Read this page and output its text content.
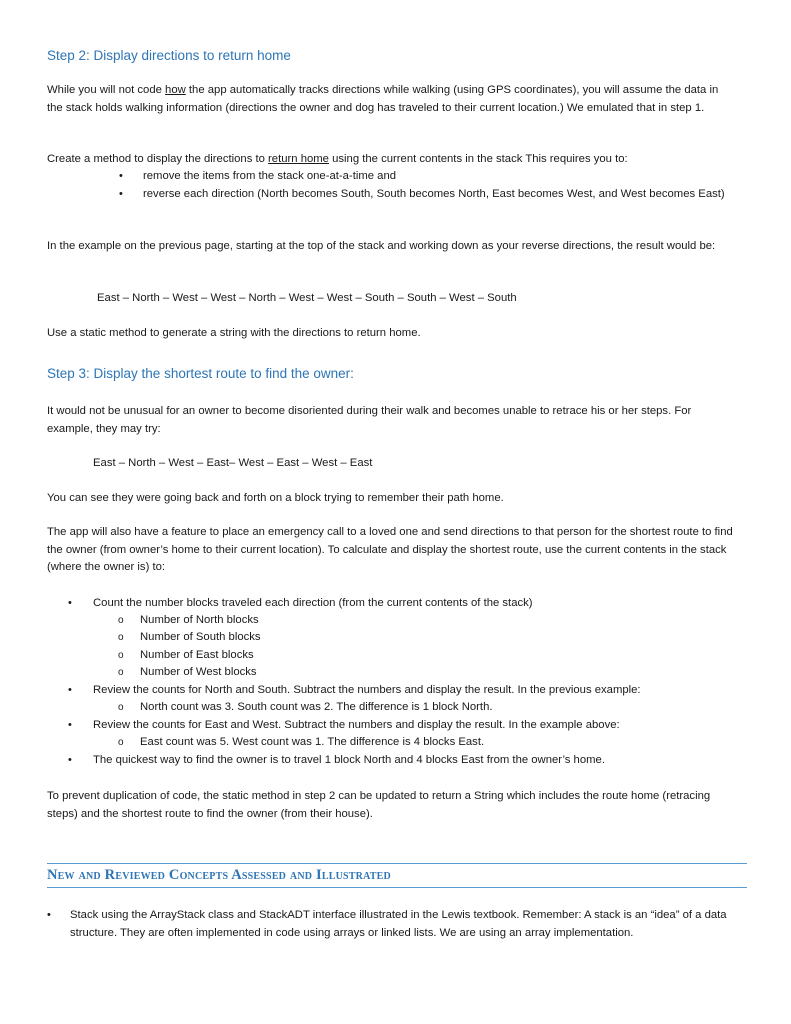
Step 2: Display directions to return home

While you will not code how the app automatically tracks directions while walking (using GPS coordinates), you will assume the data in the stack holds walking information (directions the owner and dog has traveled to their current location.) We emulated that in step 1.

Create a method to display the directions to return home using the current contents in the stack This requires you to:

• remove the items from the stack one-at-a-time and
• reverse each direction (North becomes South, South becomes North, East becomes West, and West becomes East)

In the example on the previous page, starting at the top of the stack and working down as your reverse directions, the result would be:

East – North – West – West – North – West – West – South – South – West – South

Use a static method to generate a string with the directions to return home.

Step 3: Display the shortest route to find the owner:

It would not be unusual for an owner to become disoriented during their walk and becomes unable to retrace his or her steps. For example, they may try:

East – North – West – East– West – East – West – East

You can see they were going back and forth on a block trying to remember their path home.

The app will also have a feature to place an emergency call to a loved one and send directions to that person for the shortest route to find the owner (from owner’s home to their current location). To calculate and display the shortest route, use the current contents in the stack (where the owner is) to:

• Count the number blocks traveled each direction (from the current contents of the stack)
o Number of North blocks
o Number of South blocks
o Number of East blocks
o Number of West blocks
• Review the counts for North and South. Subtract the numbers and display the result. In the previous example:
o North count was 3. South count was 2. The difference is 1 block North.
• Review the counts for East and West. Subtract the numbers and display the result. In the example above:
o East count was 5. West count was 1. The difference is 4 blocks East.
• The quickest way to find the owner is to travel 1 block North and 4 blocks East from the owner’s home.

To prevent duplication of code, the static method in step 2 can be updated to return a String which includes the route home (retracing steps) and the shortest route to find the owner (from their house).

New and Reviewed Concepts Assessed and Illustrated
• Stack using the ArrayStack class and StackADT interface illustrated in the Lewis textbook. Remember: A stack is an “idea” of a data structure. They are often implemented in code using arrays or linked lists. We are using an array implementation.
